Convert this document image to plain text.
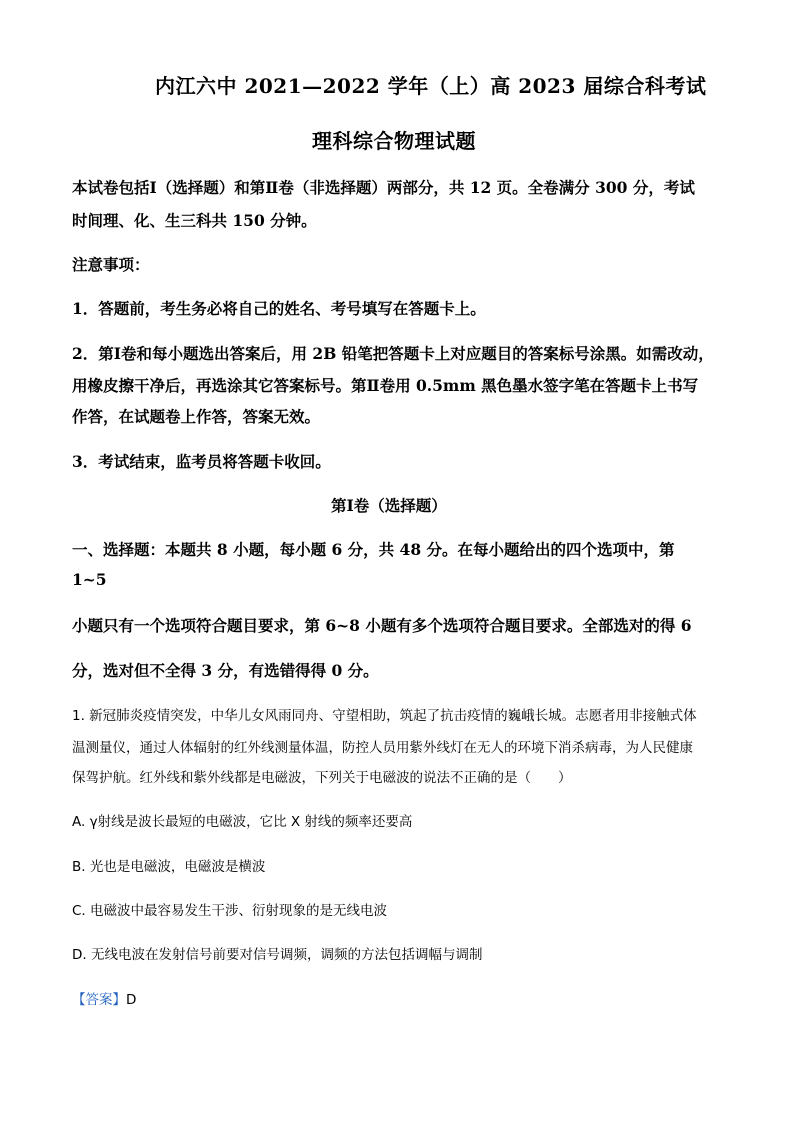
内江六中 2021—2022 学年（上）高 2023 届综合科考试
理科综合物理试题
本试卷包括Ⅰ（选择题）和第Ⅱ卷（非选择题）两部分，共 12 页。全卷满分 300 分，考试
时间理、化、生三科共 150 分钟。
注意事项：
1．答题前，考生务必将自己的姓名、考号填写在答题卡上。
2．第Ⅰ卷和每小题选出答案后，用 2B 铅笔把答题卡上对应题目的答案标号涂黑。如需改动，
用橡皮擦干净后，再选涂其它答案标号。第Ⅱ卷用 0.5mm 黑色墨水签字笔在答题卡上书写
作答，在试题卷上作答，答案无效。
3．考试结束，监考员将答题卡收回。
第Ⅰ卷（选择题）
一、选择题：本题共 8 小题，每小题 6 分，共 48 分。在每小题给出的四个选项中，第
1~5
小题只有一个选项符合题目要求，第 6~8 小题有多个选项符合题目要求。全部选对的得 6
分，选对但不全得 3 分，有选错得得 0 分。
1. 新冠肺炎疫情突发，中华儿女风雨同舟、守望相助，筑起了抗击疫情的巍峨长城。志愿者用非接触式体
温测量仪，通过人体辐射的红外线测量体温，防控人员用紫外线灯在无人的环境下消杀病毒，为人民健康
保驾护航。红外线和紫外线都是电磁波，下列关于电磁波的说法不正确的是（　　）
A. γ射线是波长最短的电磁波，它比 X 射线的频率还要高
B. 光也是电磁波，电磁波是横波
C. 电磁波中最容易发生干涉、衍射现象的是无线电波
D. 无线电波在发射信号前要对信号调频，调频的方法包括调幅与调制
【答案】D
